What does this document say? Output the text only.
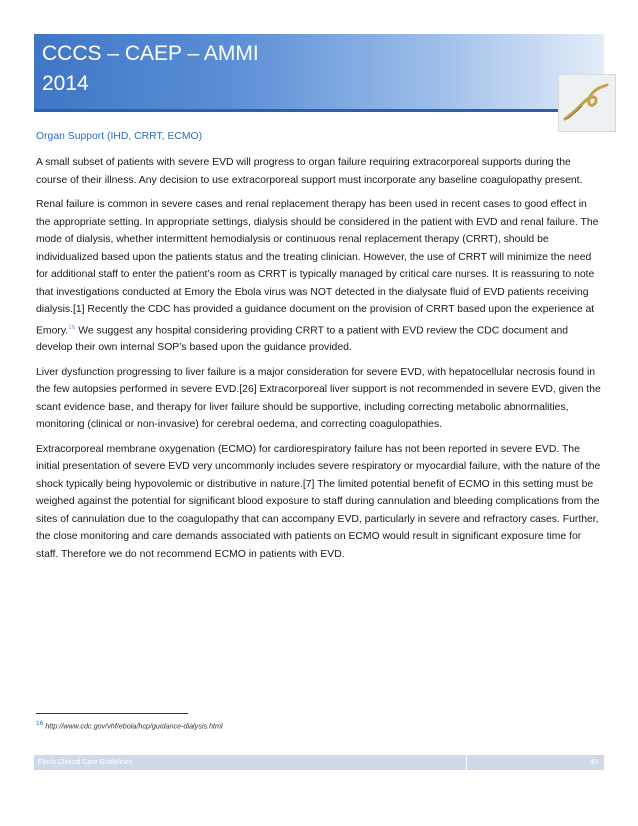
CCCS – CAEP – AMMI
2014
Organ Support (IHD, CRRT, ECMO)

A small subset of patients with severe EVD will progress to organ failure requiring extracorporeal supports during the course of their illness. Any decision to use extracorporeal support must incorporate any baseline coagulopathy present.

Renal failure is common in severe cases and renal replacement therapy has been used in recent cases to good effect in the appropriate setting. In appropriate settings, dialysis should be considered in the patient with EVD and renal failure. The mode of dialysis, whether intermittent hemodialysis or continuous renal replacement therapy (CRRT), should be individualized based upon the patients status and the treating clinician. However, the use of CRRT will minimize the need for additional staff to enter the patient’s room as CRRT is typically managed by critical care nurses. It is reassuring to note that investigations conducted at Emory the Ebola virus was NOT detected in the dialysate fluid of EVD patients receiving dialysis.[1] Recently the CDC has provided a guidance document on the provision of CRRT based upon the experience at Emory.$^{16}$ We suggest any hospital considering providing CRRT to a patient with EVD review the CDC document and develop their own internal SOP’s based upon the guidance provided.

Liver dysfunction progressing to liver failure is a major consideration for severe EVD, with hepatocellular necrosis found in the few autopsies performed in severe EVD.[26] Extracorporeal liver support is not recommended in severe EVD, given the scant evidence base, and therapy for liver failure should be supportive, including correcting metabolic abnormalities, monitoring (clinical or non-invasive) for cerebral oedema, and correcting coagulopathies.

Extracorporeal membrane oxygenation (ECMO) for cardiorespiratory failure has not been reported in severe EVD. The initial presentation of severe EVD very uncommonly includes severe respiratory or myocardial failure, with the nature of the shock typically being hypovolemic or distributive in nature.[7] The limited potential benefit of ECMO in this setting must be weighed against the potential for significant blood exposure to staff during cannulation and bleeding complications from the sites of cannulation due to the coagulopathy that can accompany EVD, particularly in severe and refractory cases. Further, the close monitoring and care demands associated with patients on ECMO would result in significant exposure time for staff. Therefore we do not recommend ECMO in patients with EVD.

$^{16}$ http://www.cdc.gov/vhf/ebola/hcp/guidance-dialysis.html
Ebola Clinical Care Guidelines	40
